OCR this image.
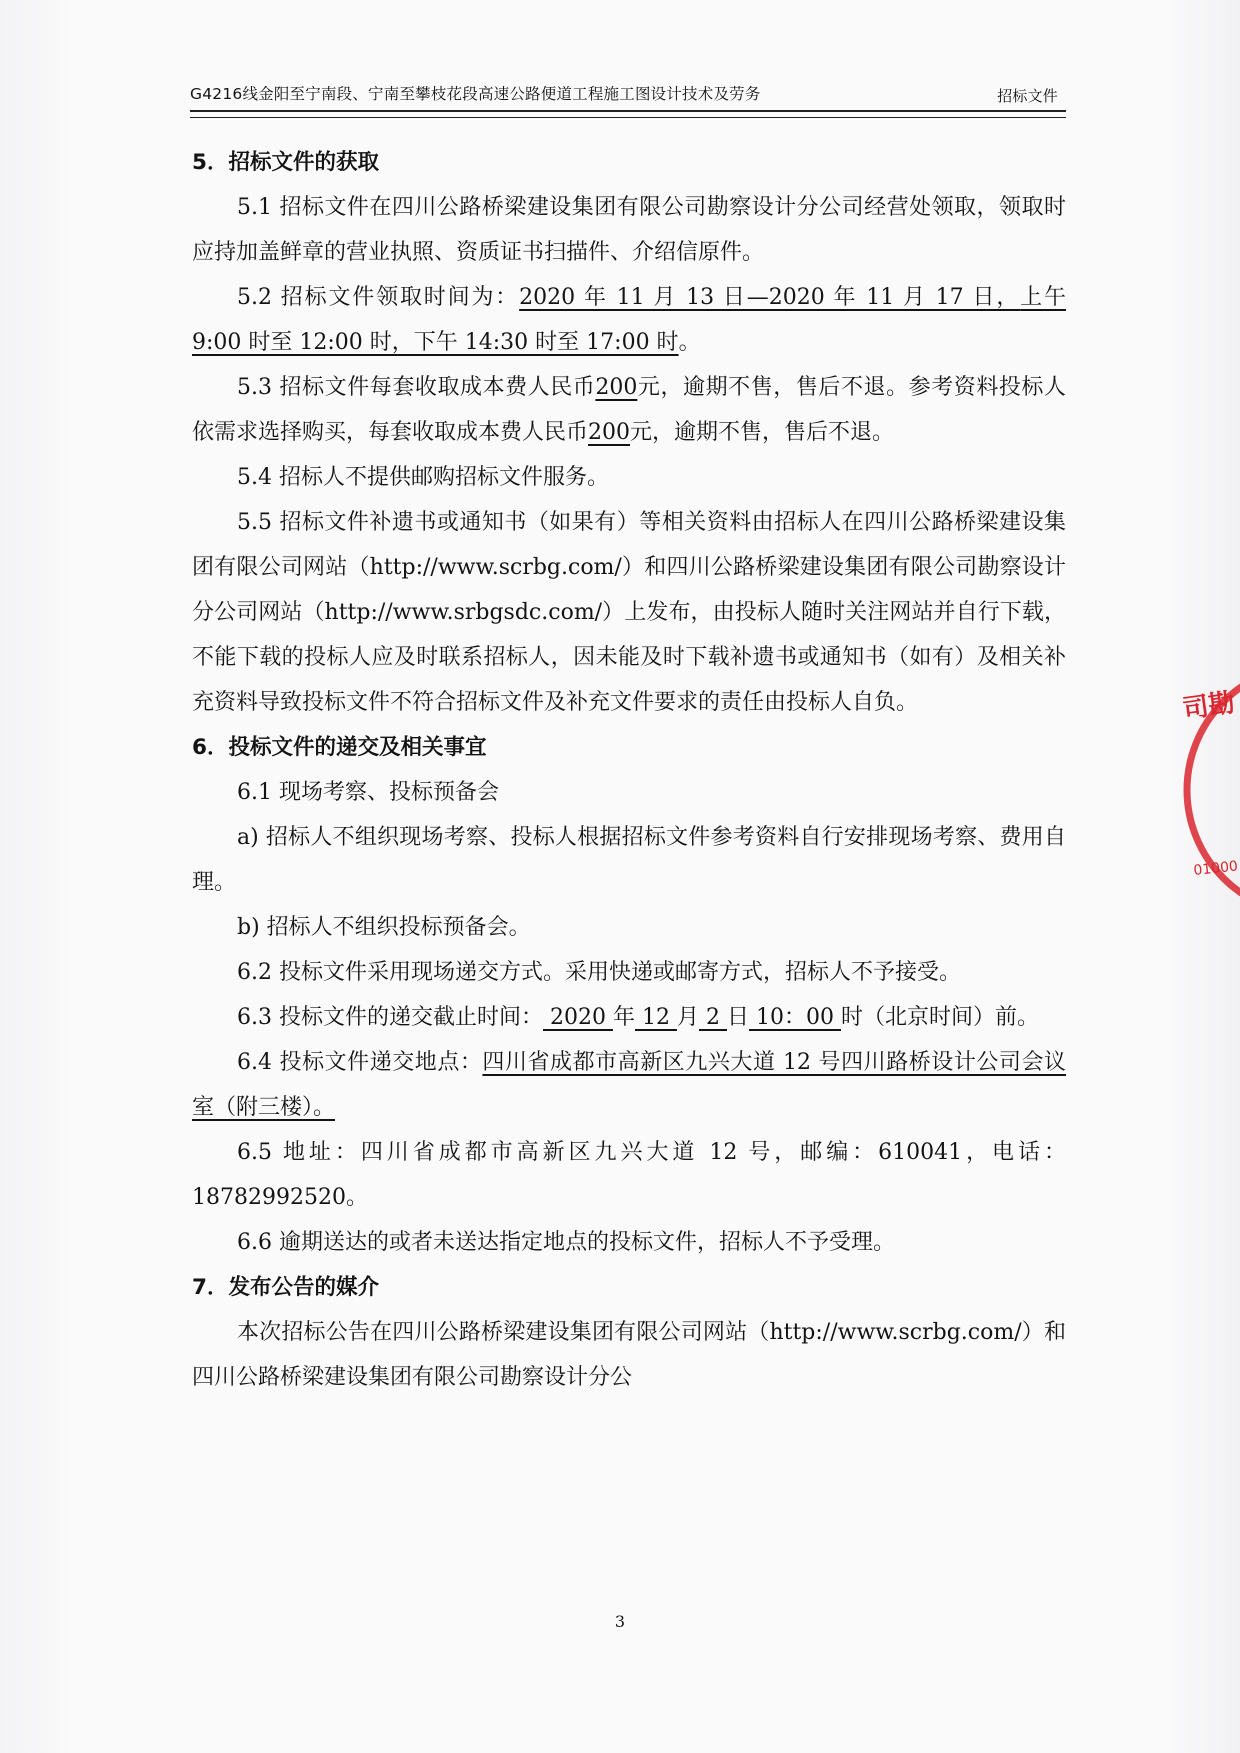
G4216线金阳至宁南段、宁南至攀枝花段高速公路便道工程施工图设计技术及劳务	招标文件

5．招标文件的获取

5.1 招标文件在四川公路桥梁建设集团有限公司勘察设计分公司经营处领取，领取时应持加盖鲜章的营业执照、资质证书扫描件、介绍信原件。

5.2 招标文件领取时间为：2020 年 11 月 13 日—2020 年 11 月 17 日，上午 9:00 时至 12:00 时，下午 14:30 时至 17:00 时。

5.3 招标文件每套收取成本费人民币200元，逾期不售，售后不退。参考资料投标人依需求选择购买，每套收取成本费人民币200元，逾期不售，售后不退。

5.4 招标人不提供邮购招标文件服务。

5.5 招标文件补遗书或通知书（如果有）等相关资料由招标人在四川公路桥梁建设集团有限公司网站（http://www.scrbg.com/）和四川公路桥梁建设集团有限公司勘察设计分公司网站（http://www.srbgsdc.com/）上发布，由投标人随时关注网站并自行下载，不能下载的投标人应及时联系招标人，因未能及时下载补遗书或通知书（如有）及相关补充资料导致投标文件不符合招标文件及补充文件要求的责任由投标人自负。

6．投标文件的递交及相关事宜

6.1 现场考察、投标预备会

a) 招标人不组织现场考察、投标人根据招标文件参考资料自行安排现场考察、费用自理。

b) 招标人不组织投标预备会。

6.2 投标文件采用现场递交方式。采用快递或邮寄方式，招标人不予接受。

6.3 投标文件的递交截止时间： 2020 年 12 月 2 日 10：00 时（北京时间）前。

6.4 投标文件递交地点：四川省成都市高新区九兴大道 12 号四川路桥设计公司会议室（附三楼）。

6.5 地址：四川省成都市高新区九兴大道 12 号，邮编：610041，电话：18782992520。

6.6 逾期送达的或者未送达指定地点的投标文件，招标人不予受理。

7．发布公告的媒介

本次招标公告在四川公路桥梁建设集团有限公司网站（http://www.scrbg.com/）和四川公路桥梁建设集团有限公司勘察设计分公

3
司勘
01000
